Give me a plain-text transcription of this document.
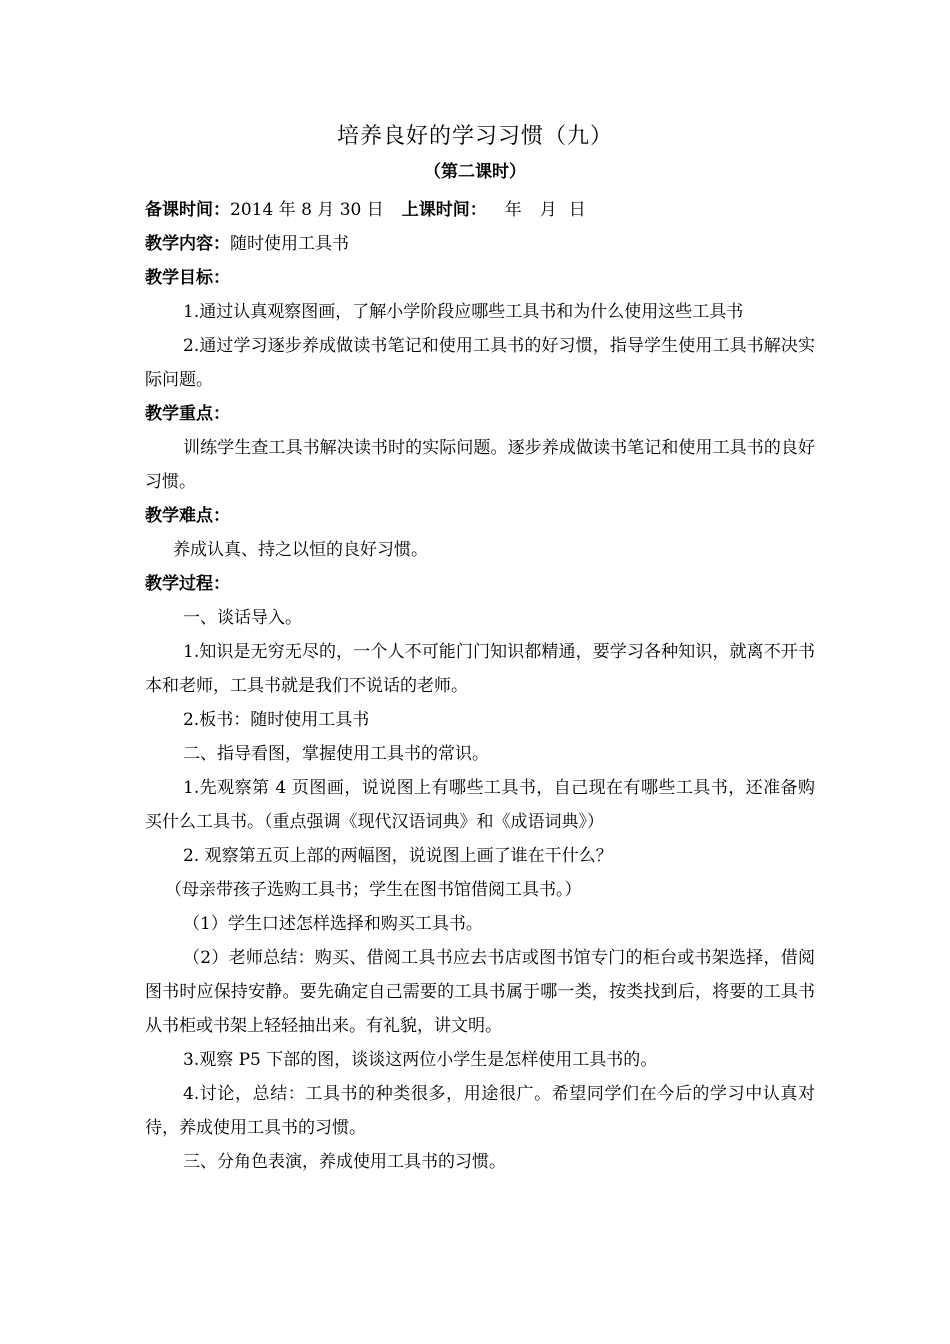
培养良好的学习习惯（九）
（第二课时）
备课时间：2014 年 8 月 30 日 上课时间： 年 月 日
教学内容：随时使用工具书
教学目标：
1.通过认真观察图画，了解小学阶段应哪些工具书和为什么使用这些工具书
2.通过学习逐步养成做读书笔记和使用工具书的好习惯，指导学生使用工具书解决实际问题。
教学重点：
训练学生查工具书解决读书时的实际问题。逐步养成做读书笔记和使用工具书的良好习惯。
教学难点：
养成认真、持之以恒的良好习惯。
教学过程：
一、谈话导入。
1.知识是无穷无尽的，一个人不可能门门知识都精通，要学习各种知识，就离不开书本和老师，工具书就是我们不说话的老师。
2.板书：随时使用工具书
二、指导看图，掌握使用工具书的常识。
1.先观察第 4 页图画，说说图上有哪些工具书，自己现在有哪些工具书，还准备购买什么工具书。（重点强调《现代汉语词典》和《成语词典》）
2. 观察第五页上部的两幅图，说说图上画了谁在干什么？
（母亲带孩子选购工具书；学生在图书馆借阅工具书。）
（1）学生口述怎样选择和购买工具书。
（2）老师总结：购买、借阅工具书应去书店或图书馆专门的柜台或书架选择，借阅图书时应保持安静。要先确定自己需要的工具书属于哪一类，按类找到后，将要的工具书从书柜或书架上轻轻抽出来。有礼貌，讲文明。
3.观察 P5 下部的图，谈谈这两位小学生是怎样使用工具书的。
4.讨论，总结：工具书的种类很多，用途很广。希望同学们在今后的学习中认真对待，养成使用工具书的习惯。
三、分角色表演，养成使用工具书的习惯。
